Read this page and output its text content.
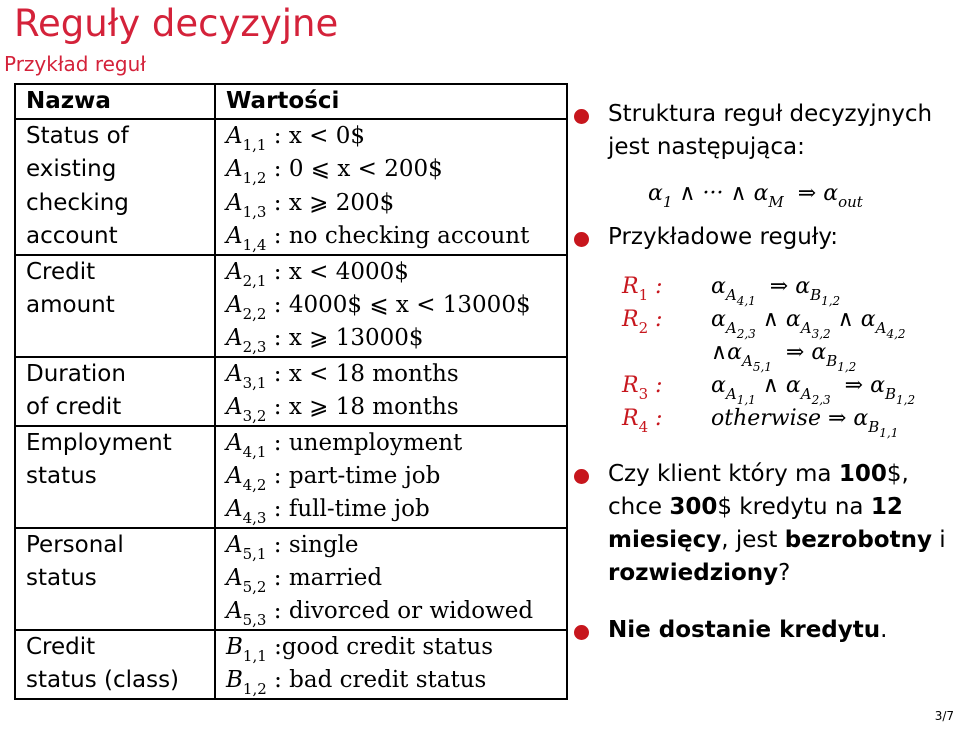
Reguły decyzyjne
Przykład reguł
Nazwa	Wartości

Status of
existing
checking
account	$A_{1,1}$ : x < 0$
$A_{1,2}$ : 0 ⩽ x < 200$
$A_{1,3}$ : x ⩾ 200$
$A_{1,4}$ : no checking account

Credit
amount	$A_{2,1}$ : x < 4000$
$A_{2,2}$ : 4000$ ⩽ x < 13000$
$A_{2,3}$ : x ⩾ 13000$

Duration
of credit	$A_{3,1}$ : x < 18 months
$A_{3,2}$ : x ⩾ 18 months

Employment
status	$A_{4,1}$ : unemployment
$A_{4,2}$ : part-time job
$A_{4,3}$ : full-time job

Personal
status	$A_{5,1}$ : single
$A_{5,2}$ : married
$A_{5,3}$ : divorced or widowed

Credit
status (class)	$B_{1,1}$ :good credit status
$B_{1,2}$ : bad credit status
Struktura reguł decyzyjnych jest następująca:
$\alpha_1$ ∧ ··· ∧ $\alpha_M$  ⇒ $\alpha_{out}$
Przykładowe reguły:
$R_1$ : $\alpha_{A_{4,1}}$  ⇒ $\alpha_{B_{1,2}}$
$R_2$ : $\alpha_{A_{2,3}}$ ∧ $\alpha_{A_{3,2}}$ ∧ $\alpha_{A_{4,2}}$
$\wedge\alpha_{A_{5,1}}$  ⇒ $\alpha_{B_{1,2}}$
$R_3$ : $\alpha_{A_{1,1}}$ ∧ $\alpha_{A_{2,3}}$  ⇒ $\alpha_{B_{1,2}}$
$R_4$ : otherwise ⇒ $\alpha_{B_{1,1}}$
Czy klient który ma 100$, chce 300$ kredytu na 12
miesięcy, jest bezrobotny i
rozwiedziony?
Nie dostanie kredytu.
3/7
